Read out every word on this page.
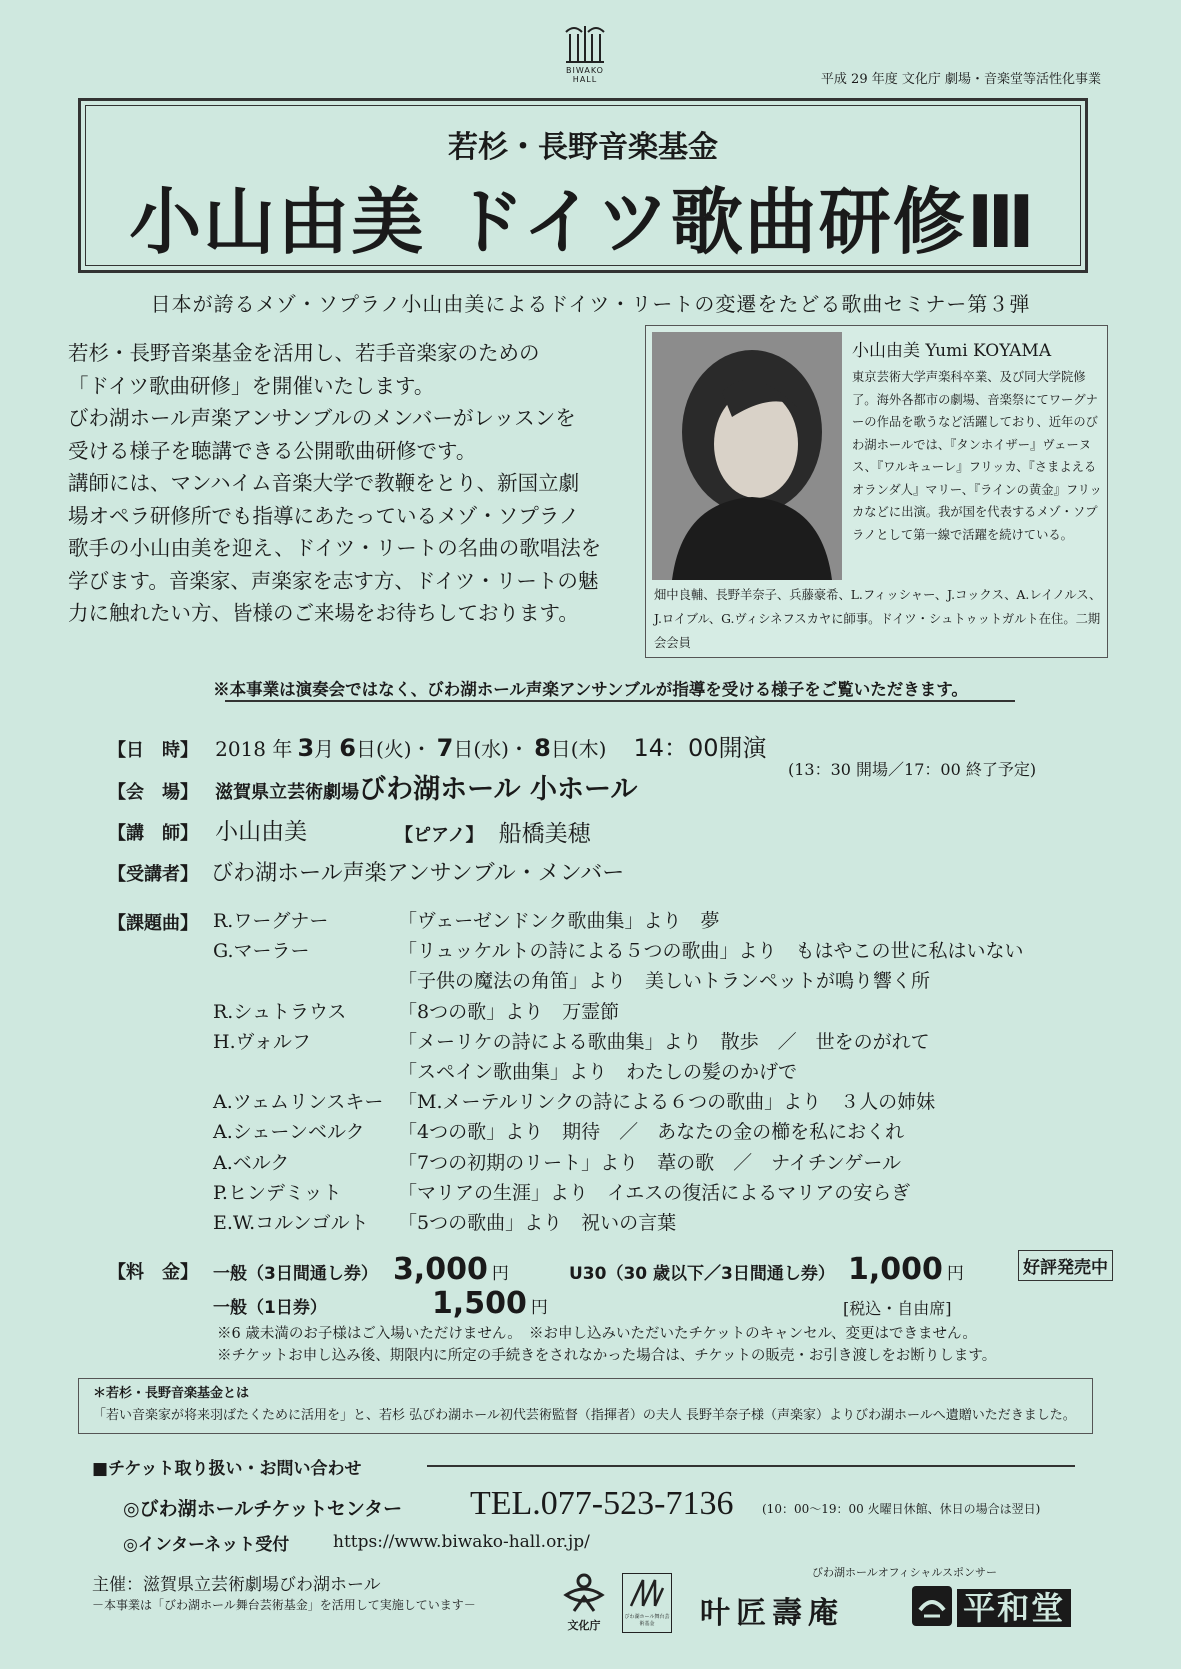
BIWAKO HALL	平成 29 年度 文化庁 劇場・音楽堂等活性化事業
若杉・長野音楽基金
小山由美 ドイツ歌曲研修Ⅲ
日本が誇るメゾ・ソプラノ小山由美によるドイツ・リートの変遷をたどる歌曲セミナー第３弾

若杉・長野音楽基金を活用し、若手音楽家のための
「ドイツ歌曲研修」を開催いたします。
びわ湖ホール声楽アンサンブルのメンバーがレッスンを
受ける様子を聴講できる公開歌曲研修です。
講師には、マンハイム音楽大学で教鞭をとり、新国立劇
場オペラ研修所でも指導にあたっているメゾ・ソプラノ
歌手の小山由美を迎え、ドイツ・リートの名曲の歌唱法を
学びます。音楽家、声楽家を志す方、ドイツ・リートの魅
力に触れたい方、皆様のご来場をお待ちしております。

小山由美 Yumi KOYAMA
東京芸術大学声楽科卒業、及び同大学院修了。海外各都市の劇場、音楽祭にてワーグナーの作品を歌うなど活躍しており、近年のびわ湖ホールでは、『タンホイザー』ヴェーヌス、『ワルキューレ』フリッカ、『さまよえるオランダ人』マリー、『ラインの黄金』フリッカなどに出演。我が国を代表するメゾ・ソプラノとして第一線で活躍を続けている。
畑中良輔、長野羊奈子、兵藤豪希、L.フィッシャー、J.コックス、A.レイノルス、J.ロイブル、G.ヴィシネフスカヤに師事。ドイツ・シュトゥットガルト在住。二期会会員
※本事業は演奏会ではなく、びわ湖ホール声楽アンサンブルが指導を受ける様子をご覧いただきます。
【日　時】 2018 年 3月 6日(火)・ 7日(水)・ 8日(木) 14：00開演
(13：30 開場／17：00 終了予定)
【会　場】 滋賀県立芸術劇場びわ湖ホール 小ホール
【講　師】 小山由美	【ピアノ】 船橋美穂
【受講者】 びわ湖ホール声楽アンサンブル・メンバー
【課題曲】 R.ワーグナー	「ヴェーゼンドンク歌曲集」より　夢
G.マーラー	「リュッケルトの詩による５つの歌曲」より　もはやこの世に私はいない
「子供の魔法の角笛」より　美しいトランペットが鳴り響く所
R.シュトラウス	「8つの歌」より　万霊節
H.ヴォルフ	「メーリケの詩による歌曲集」より　散歩　／　世をのがれて
「スペイン歌曲集」より　わたしの髪のかげで
A.ツェムリンスキー 「M.メーテルリンクの詩による６つの歌曲」より　３人の姉妹
A.シェーンベルク 「4つの歌」より　期待　／　あなたの金の櫛を私におくれ
A.ベルク	「7つの初期のリート」より　葦の歌　／　ナイチンゲール
P.ヒンデミット	「マリアの生涯」より　イエスの復活によるマリアの安らぎ
E.W.コルンゴルト 「5つの歌曲」より　祝いの言葉
【料　金】 一般（3日間通し券） 3,000 円	U30（30 歳以下／3日間通し券） 1,000 円	好評発売中
一般（1日券）	1,500 円	[税込・自由席]
※6 歳未満のお子様はご入場いただけません。　※お申し込みいただいたチケットのキャンセル、変更はできません。
※チケットお申し込み後、期限内に所定の手続きをされなかった場合は、チケットの販売・お引き渡しをお断りします。
＊若杉・長野音楽基金とは
「若い音楽家が将来羽ばたくために活用を」と、若杉 弘びわ湖ホール初代芸術監督（指揮者）の夫人 長野羊奈子様（声楽家）よりびわ湖ホールへ遺贈いただきました。
■チケット取り扱い・お問い合わせ
◎びわ湖ホールチケットセンター TEL.077-523-7136 (10：00～19：00 火曜日休館、休日の場合は翌日)
◎インターネット受付	https://www.biwako-hall.or.jp/
主催：滋賀県立芸術劇場びわ湖ホール
－本事業は「びわ湖ホール舞台芸術基金」を活用して実施しています－
びわ湖ホールオフィシャルスポンサー
文化庁
びわ湖ホール舞台芸術基金	叶匠壽庵	平和堂
